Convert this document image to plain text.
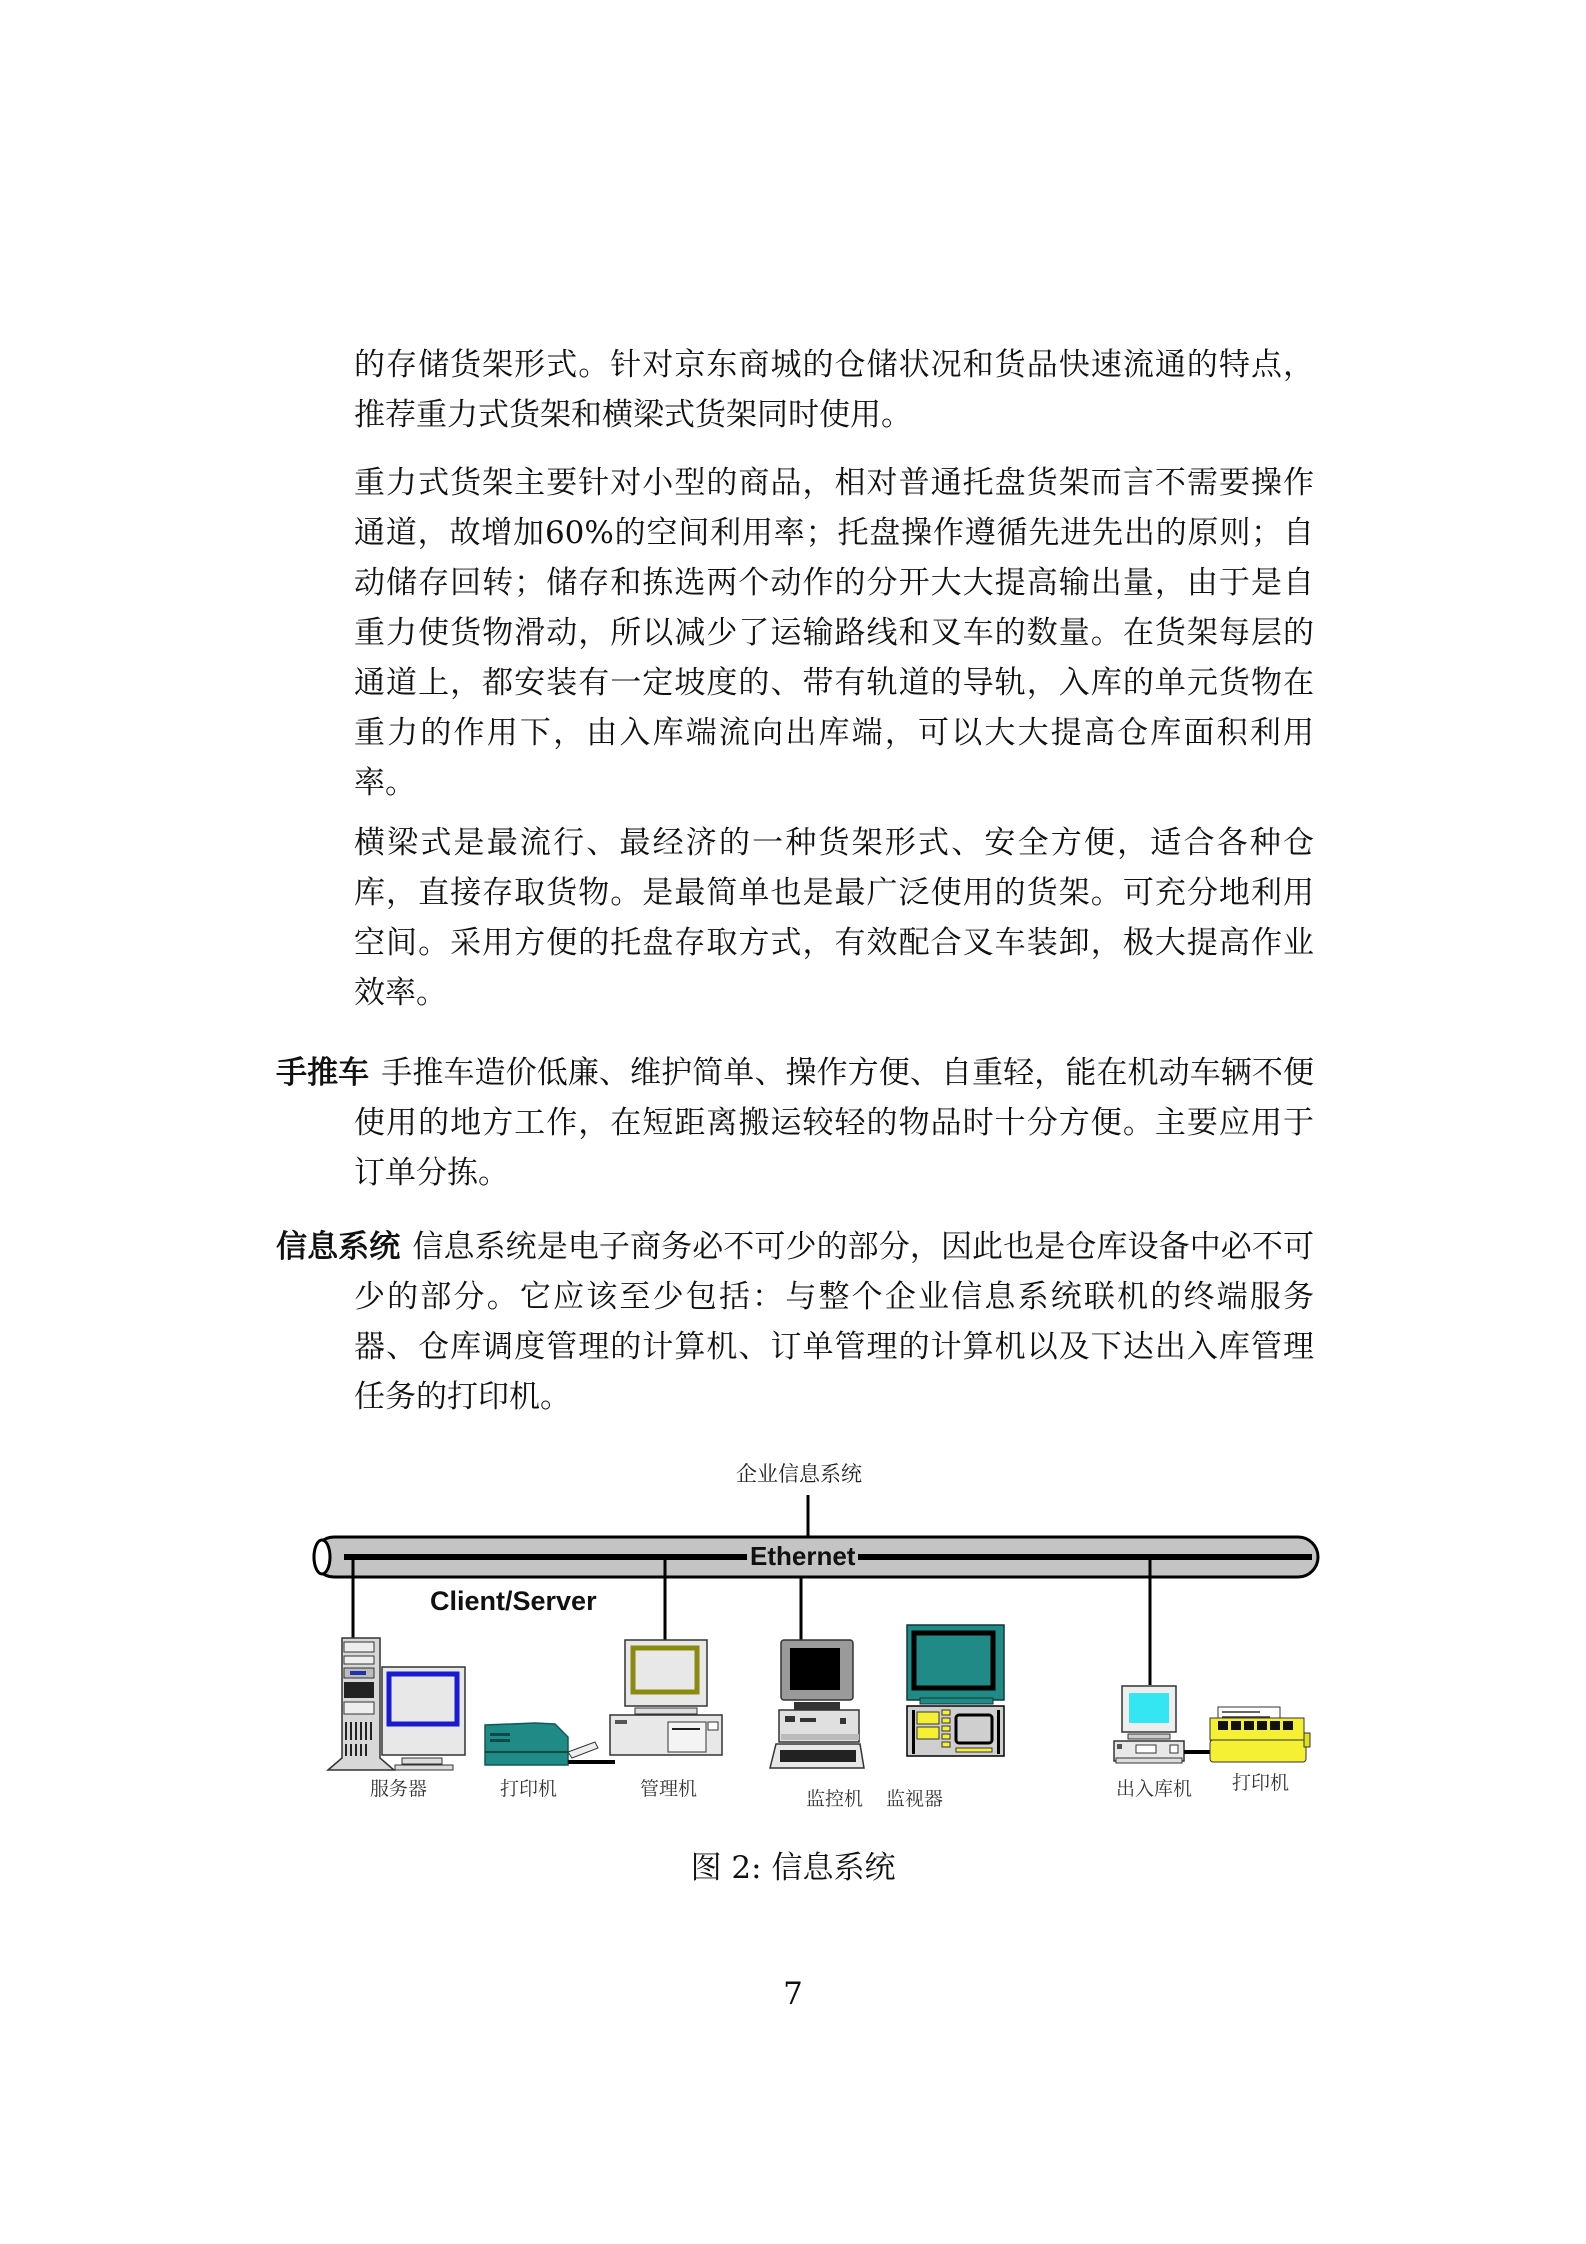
的存储货架形式。针对京东商城的仓储状况和货品快速流通的特点，推荐重力式货架和横梁式货架同时使用。

重力式货架主要针对小型的商品，相对普通托盘货架而言不需要操作通道，故增加60%的空间利用率；托盘操作遵循先进先出的原则；自动储存回转；储存和拣选两个动作的分开大大提高输出量，由于是自重力使货物滑动，所以减少了运输路线和叉车的数量。在货架每层的通道上，都安装有一定坡度的、带有轨道的导轨，入库的单元货物在重力的作用下，由入库端流向出库端，可以大大提高仓库面积利用率。

横梁式是最流行、最经济的一种货架形式、安全方便，适合各种仓库，直接存取货物。是最简单也是最广泛使用的货架。可充分地利用空间。采用方便的托盘存取方式，有效配合叉车装卸，极大提高作业效率。

手推车 手推车造价低廉、维护简单、操作方便、自重轻，能在机动车辆不便使用的地方工作，在短距离搬运较轻的物品时十分方便。主要应用于订单分拣。
信息系统 信息系统是电子商务必不可少的部分，因此也是仓库设备中必不可少的部分。它应该至少包括：与整个企业信息系统联机的终端服务器、仓库调度管理的计算机、订单管理的计算机以及下达出入库管理任务的打印机。
企业信息系统
Ethernet
Client/Server
服务器	打印机	管理机	监控机 监视器	出入库机 打印机
图 2: 信息系统
7
